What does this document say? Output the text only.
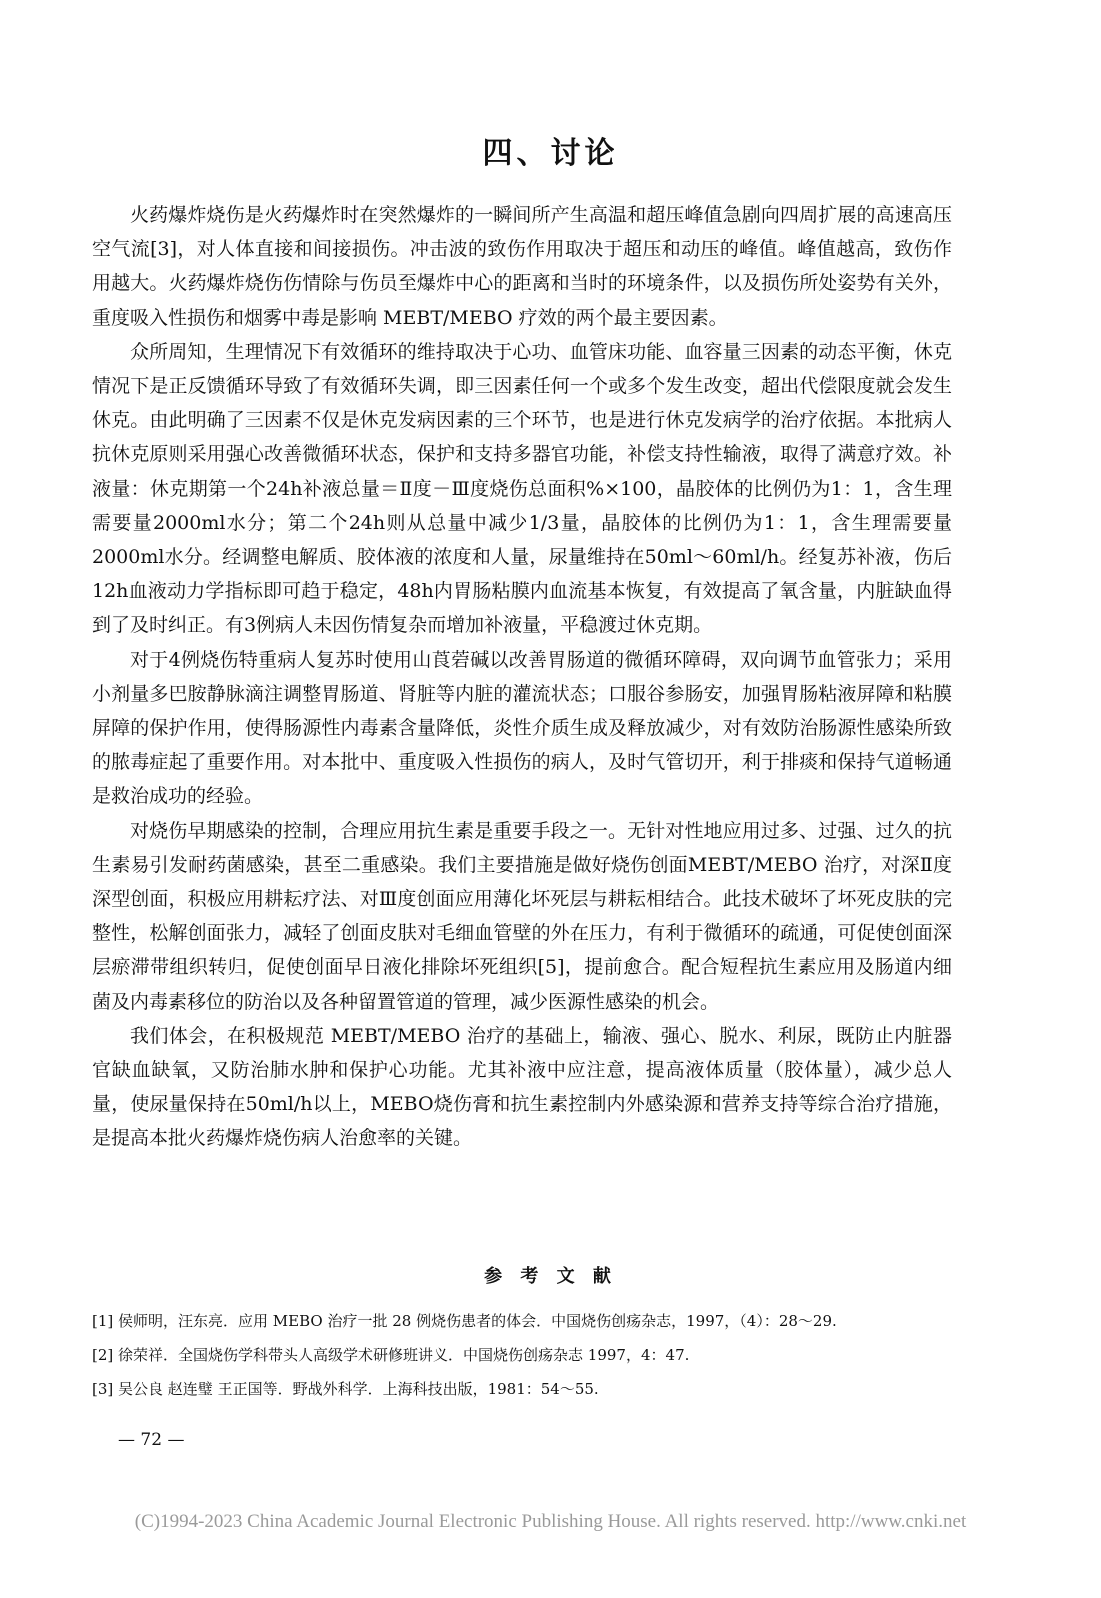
四、讨论

火药爆炸烧伤是火药爆炸时在突然爆炸的一瞬间所产生高温和超压峰值急剧向四周扩展的高速高压空气流[3]，对人体直接和间接损伤。冲击波的致伤作用取决于超压和动压的峰值。峰值越高，致伤作用越大。火药爆炸烧伤伤情除与伤员至爆炸中心的距离和当时的环境条件，以及损伤所处姿势有关外，重度吸入性损伤和烟雾中毒是影响 MEBT/MEBO 疗效的两个最主要因素。

众所周知，生理情况下有效循环的维持取决于心功、血管床功能、血容量三因素的动态平衡，休克情况下是正反馈循环导致了有效循环失调，即三因素任何一个或多个发生改变，超出代偿限度就会发生休克。由此明确了三因素不仅是休克发病因素的三个环节，也是进行休克发病学的治疗依据。本批病人抗休克原则采用强心改善微循环状态，保护和支持多器官功能，补偿支持性输液，取得了满意疗效。补液量：休克期第一个24h补液总量＝Ⅱ度－Ⅲ度烧伤总面积%×100，晶胶体的比例仍为1：1，含生理需要量2000ml水分；第二个24h则从总量中减少1/3量，晶胶体的比例仍为1：1，含生理需要量2000ml水分。经调整电解质、胶体液的浓度和人量，尿量维持在50ml～60ml/h。经复苏补液，伤后12h血液动力学指标即可趋于稳定，48h内胃肠粘膜内血流基本恢复，有效提高了氧含量，内脏缺血得到了及时纠正。有3例病人未因伤情复杂而增加补液量，平稳渡过休克期。

对于4例烧伤特重病人复苏时使用山莨菪碱以改善胃肠道的微循环障碍，双向调节血管张力；采用小剂量多巴胺静脉滴注调整胃肠道、肾脏等内脏的灌流状态；口服谷参肠安，加强胃肠粘液屏障和粘膜屏障的保护作用，使得肠源性内毒素含量降低，炎性介质生成及释放减少，对有效防治肠源性感染所致的脓毒症起了重要作用。对本批中、重度吸入性损伤的病人，及时气管切开，利于排痰和保持气道畅通是救治成功的经验。

对烧伤早期感染的控制，合理应用抗生素是重要手段之一。无针对性地应用过多、过强、过久的抗生素易引发耐药菌感染，甚至二重感染。我们主要措施是做好烧伤创面MEBT/MEBO 治疗，对深Ⅱ度深型创面，积极应用耕耘疗法、对Ⅲ度创面应用薄化坏死层与耕耘相结合。此技术破坏了坏死皮肤的完整性，松解创面张力，减轻了创面皮肤对毛细血管壁的外在压力，有利于微循环的疏通，可促使创面深层瘀滞带组织转归，促使创面早日液化排除坏死组织[5]，提前愈合。配合短程抗生素应用及肠道内细菌及内毒素移位的防治以及各种留置管道的管理，减少医源性感染的机会。

我们体会，在积极规范 MEBT/MEBO 治疗的基础上，输液、强心、脱水、利尿，既防止内脏器官缺血缺氧，又防治肺水肿和保护心功能。尤其补液中应注意，提高液体质量（胶体量），减少总人量，使尿量保持在50ml/h以上，MEBO烧伤膏和抗生素控制内外感染源和营养支持等综合治疗措施，是提高本批火药爆炸烧伤病人治愈率的关键。

参 考 文 献
[1] 侯师明，汪东亮．应用 MEBO 治疗一批 28 例烧伤患者的体会．中国烧伤创疡杂志，1997，（4）：28～29.
[2] 徐荣祥．全国烧伤学科带头人高级学术研修班讲义．中国烧伤创疡杂志 1997，4：47.
[3] 吴公良 赵连璧 王正国等．野战外科学．上海科技出版，1981：54～55.
— 72 —
(C)1994-2023 China Academic Journal Electronic Publishing House. All rights reserved. http://www.cnki.net
